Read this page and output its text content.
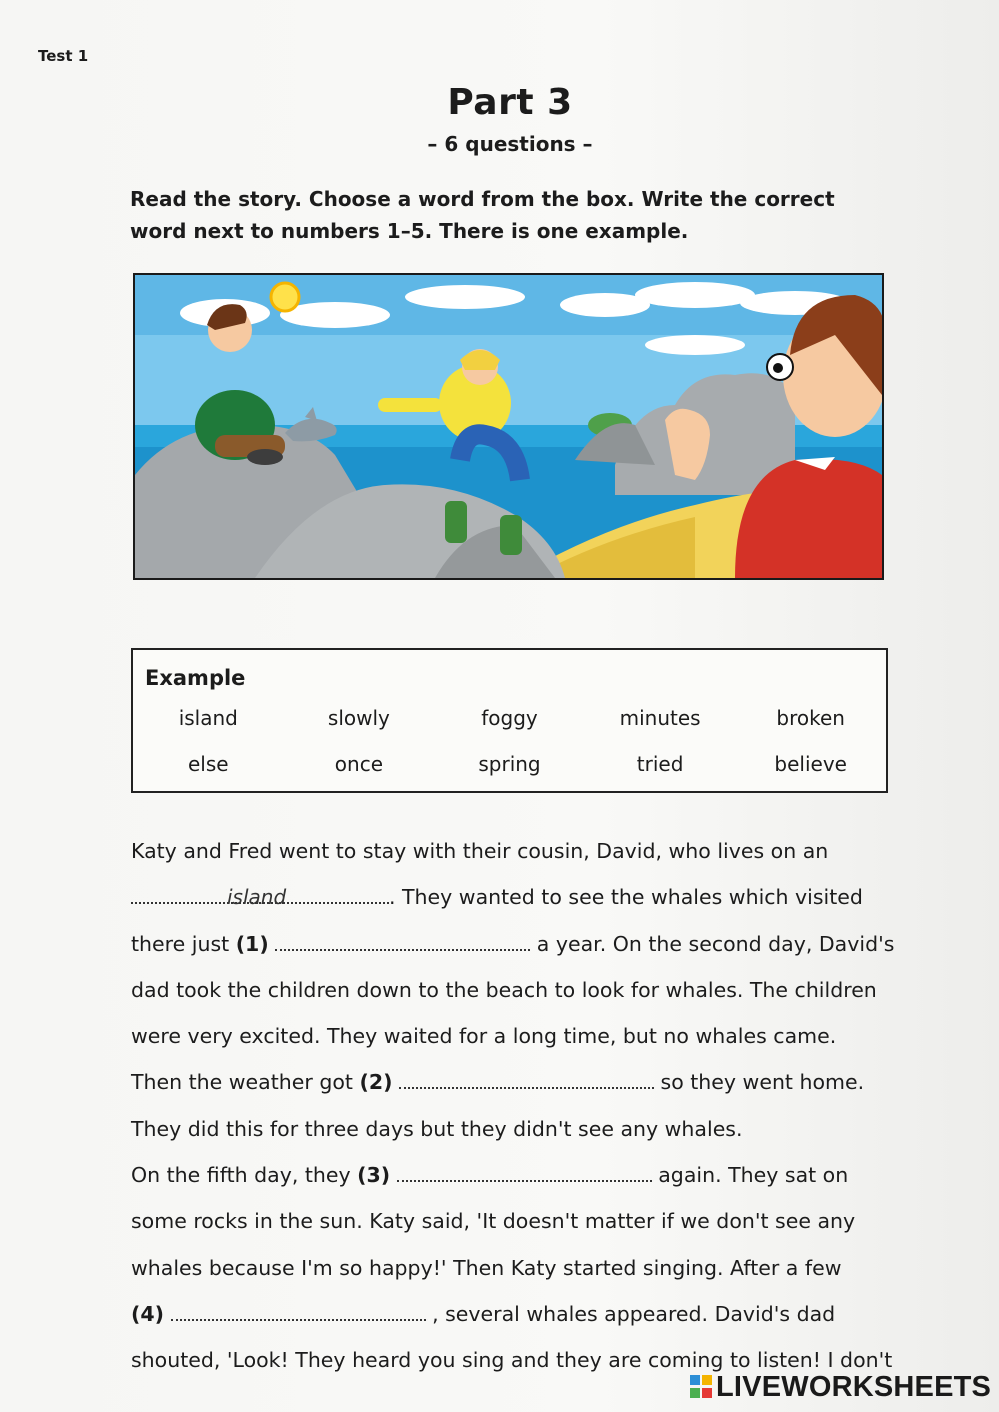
Test 1
Part 3
– 6 questions –
Read the story. Choose a word from the box. Write the correct word next to numbers 1–5. There is one example.
Example
island	slowly	foggy	minutes	broken
else	once	spring	tried	believe
Katy and Fred went to stay with their cousin, David, who lives on an
island	. They wanted to see the whales which visited
there just (1)	a year. On the second day, David's
dad took the children down to the beach to look for whales. The children
were very excited. They waited for a long time, but no whales came.
Then the weather got (2)	so they went home.
They did this for three days but they didn't see any whales.
On the fifth day, they (3)	again. They sat on
some rocks in the sun. Katy said, 'It doesn't matter if we don't see any
whales because I'm so happy!' Then Katy started singing. After a few
(4)	, several whales appeared. David's dad
shouted, 'Look! They heard you sing and they are coming to listen! I don't
LIVEWORKSHEETS
